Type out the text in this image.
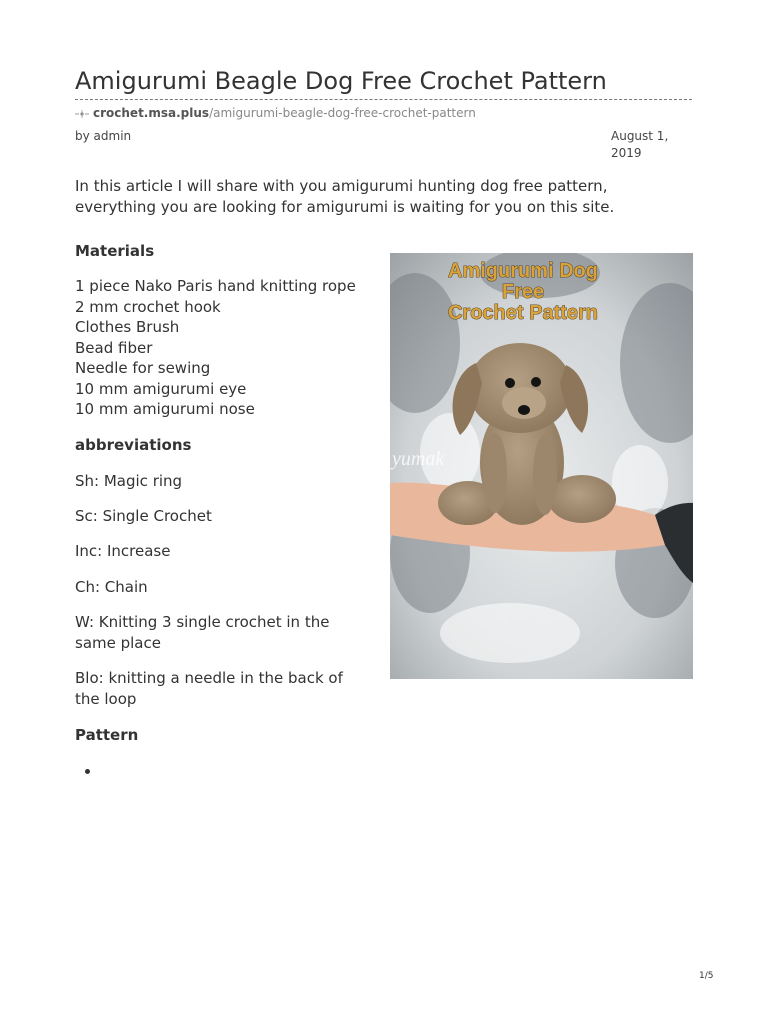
Amigurumi Beagle Dog Free Crochet Pattern
crochet.msa.plus/amigurumi-beagle-dog-free-crochet-pattern
by admin	August 1,
2019

In this article I will share with you amigurumi hunting dog free pattern, everything you are looking for amigurumi is waiting for you on this site.

Materials
1 piece Nako Paris hand knitting rope
2 mm crochet hook
Clothes Brush
Bead fiber
Needle for sewing
10 mm amigurumi eye
10 mm amigurumi nose
abbreviations

Sh: Magic ring

Sc: Single Crochet

Inc: Increase

Ch: Chain

W: Knitting 3 single crochet in the same place

Blo: knitting a needle in the back of the loop

Pattern
Amigurumi Dog
Free
Crochet Pattern
yumak
1/5
